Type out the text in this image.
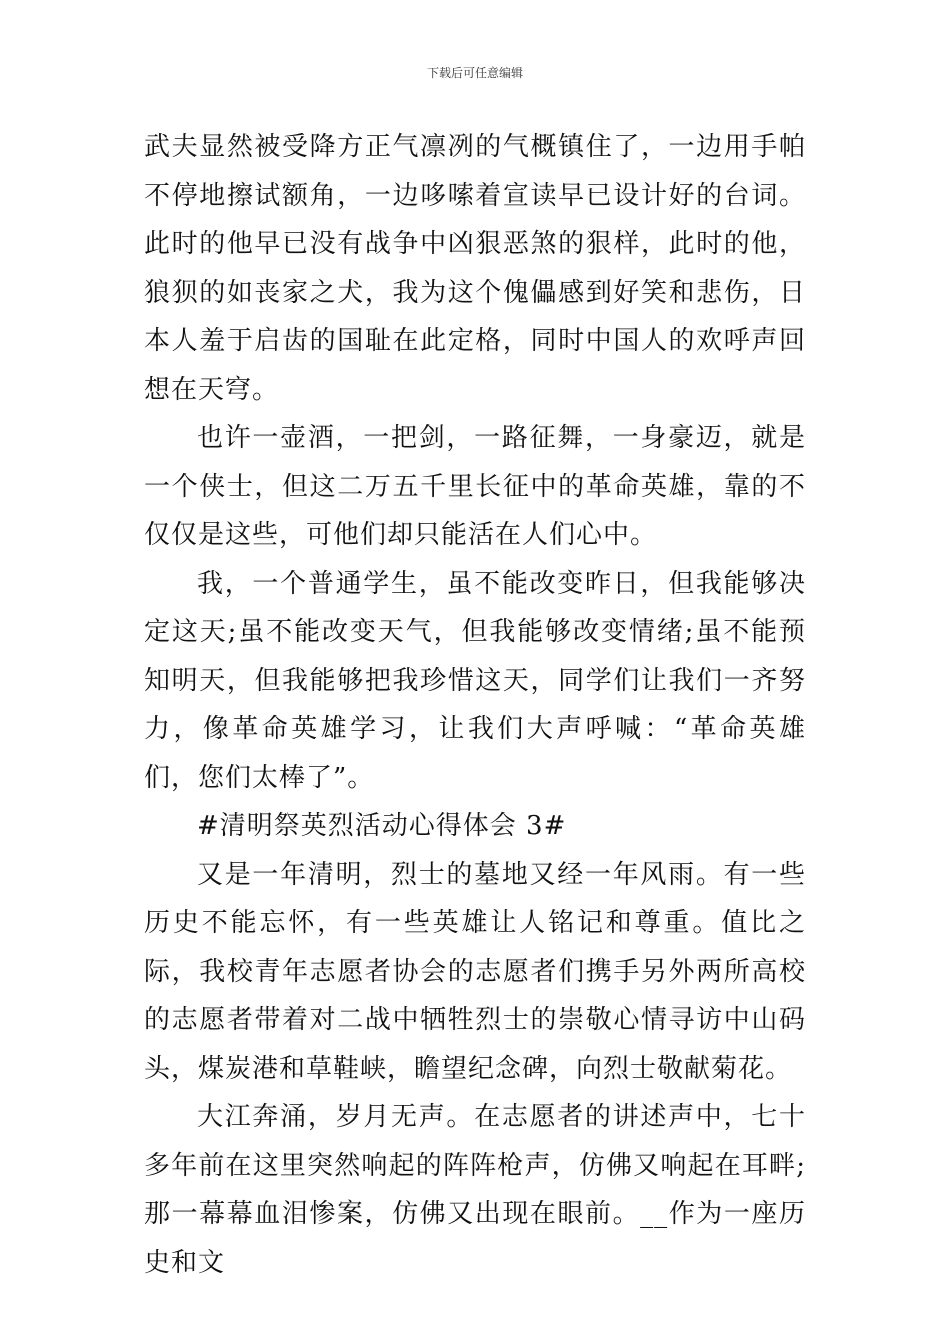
下载后可任意编辑

武夫显然被受降方正气凛冽的气概镇住了，一边用手帕不停地擦试额角，一边哆嗦着宣读早已设计好的台词。此时的他早已没有战争中凶狠恶煞的狠样，此时的他，狼狈的如丧家之犬，我为这个傀儡感到好笑和悲伤，日本人羞于启齿的国耻在此定格，同时中国人的欢呼声回想在天穹。

也许一壶酒，一把剑，一路征舞，一身豪迈，就是一个侠士，但这二万五千里长征中的革命英雄，靠的不仅仅是这些，可他们却只能活在人们心中。

我，一个普通学生，虽不能改变昨日，但我能够决定这天;虽不能改变天气，但我能够改变情绪;虽不能预知明天，但我能够把我珍惜这天，同学们让我们一齐努力，像革命英雄学习，让我们大声呼喊：“革命英雄们，您们太棒了”。

#清明祭英烈活动心得体会 3#

又是一年清明，烈士的墓地又经一年风雨。有一些历史不能忘怀，有一些英雄让人铭记和尊重。值比之际，我校青年志愿者协会的志愿者们携手另外两所高校的志愿者带着对二战中牺牲烈士的崇敬心情寻访中山码头，煤炭港和草鞋峡，瞻望纪念碑，向烈士敬献菊花。

大江奔涌，岁月无声。在志愿者的讲述声中，七十多年前在这里突然响起的阵阵枪声，仿佛又响起在耳畔;那一幕幕血泪惨案，仿佛又出现在眼前。__作为一座历史和文
